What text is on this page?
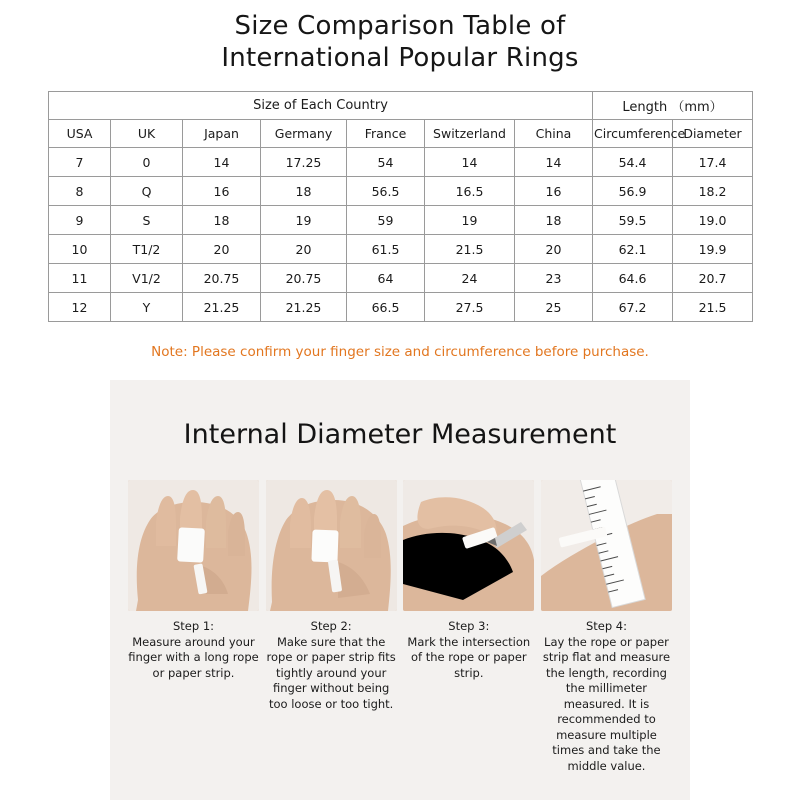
Size Comparison Table of
International Popular Rings
Size of Each Country							Length （mm）	
USA	UK	Japan	Germany	France	Switzerland	China	Circumference	Diameter
7	0	14	17.25	54	14	14	54.4	17.4
8	Q	16	18	56.5	16.5	16	56.9	18.2
9	S	18	19	59	19	18	59.5	19.0
10	T1/2	20	20	61.5	21.5	20	62.1	19.9
11	V1/2	20.75	20.75	64	24	23	64.6	20.7
12	Y	21.25	21.25	66.5	27.5	25	67.2	21.5
Note: Please confirm your finger size and circumference before purchase.
Internal Diameter Measurement
Step 1:
Measure around your finger with a long rope or paper strip.
Step 2:
Make sure that the rope or paper strip fits tightly around your finger without being too loose or too tight.
Step 3:
Mark the intersection of the rope or paper strip.
Step 4:
Lay the rope or paper strip flat and measure the length, recording the millimeter measured. It is recommended to measure multiple times and take the middle value.
